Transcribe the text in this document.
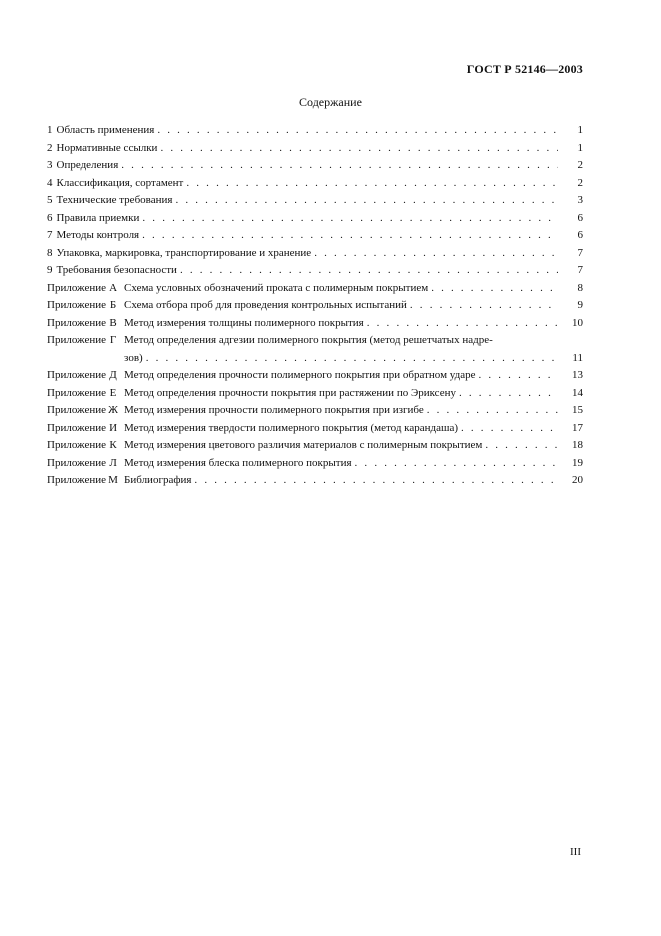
ГОСТ Р 52146—2003
Содержание
1 Область применения . . .	1
2 Нормативные ссылки . . .	1
3 Определения . . .	2
4 Классификация, сортамент . . .	2
5 Технические требования . . .	3
6 Правила приемки . . .	6
7 Методы контроля . . .	6
8 Упаковка, маркировка, транспортирование и хранение . . .	7
9 Требования безопасности . . .	7
Приложение А Схема условных обозначений проката с полимерным покрытием . . .	8
Приложение Б Схема отбора проб для проведения контрольных испытаний . . .	9
Приложение В Метод измерения толщины полимерного покрытия . . .	10
Приложение Г Метод определения адгезии полимерного покрытия (метод решетчатых надре-
зов) . . .	11
Приложение Д Метод определения прочности полимерного покрытия при обратном ударе . . .	13
Приложение Е Метод определения прочности покрытия при растяжении по Эриксену . . .	14
Приложение Ж Метод измерения прочности полимерного покрытия при изгибе . . .	15
Приложение И Метод измерения твердости полимерного покрытия (метод карандаша) . . .	17
Приложение К Метод измерения цветового различия материалов с полимерным покрытием . . .	18
Приложение Л Метод измерения блеска полимерного покрытия . . .	19
Приложение М Библиография . . .	20
III
